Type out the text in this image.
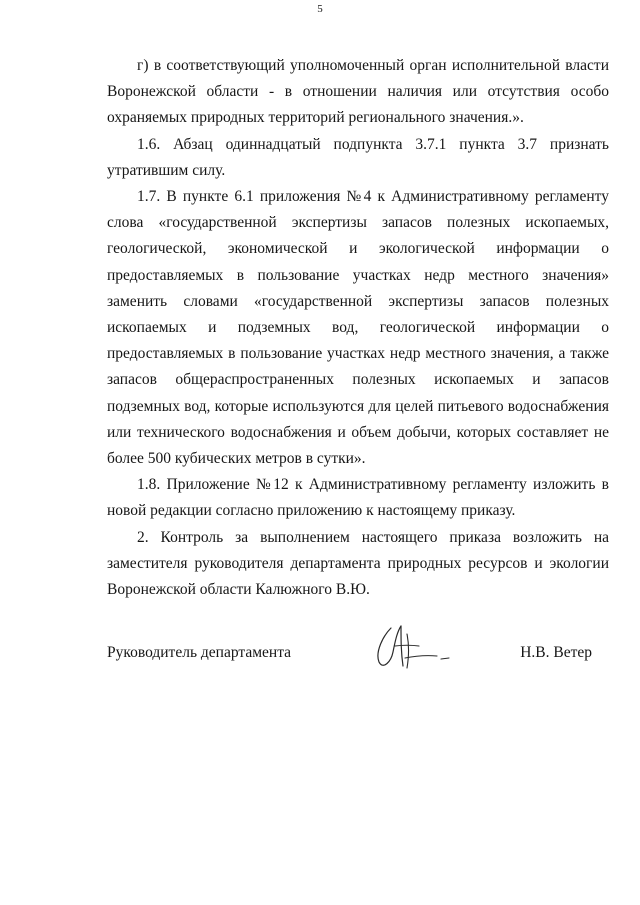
5

г) в соответствующий уполномоченный орган исполнительной власти Воронежской области - в отношении наличия или отсутствия особо охраняемых природных территорий регионального значения.».

1.6. Абзац одиннадцатый подпункта 3.7.1 пункта 3.7 признать утратившим силу.

1.7. В пункте 6.1 приложения №4 к Административному регламенту слова «государственной экспертизы запасов полезных ископаемых, геологической, экономической и экологической информации о предоставляемых в пользование участках недр местного значения» заменить словами «государственной экспертизы запасов полезных ископаемых и подземных вод, геологической информации о предоставляемых в пользование участках недр местного значения, а также запасов общераспространенных полезных ископаемых и запасов подземных вод, которые используются для целей питьевого водоснабжения или технического водоснабжения и объем добычи, которых составляет не более 500 кубических метров в сутки».

1.8. Приложение №12 к Административному регламенту изложить в новой редакции согласно приложению к настоящему приказу.

2. Контроль за выполнением настоящего приказа возложить на заместителя руководителя департамента природных ресурсов и экологии Воронежской области Калюжного В.Ю.

Руководитель департамента	Н.В. Ветер
